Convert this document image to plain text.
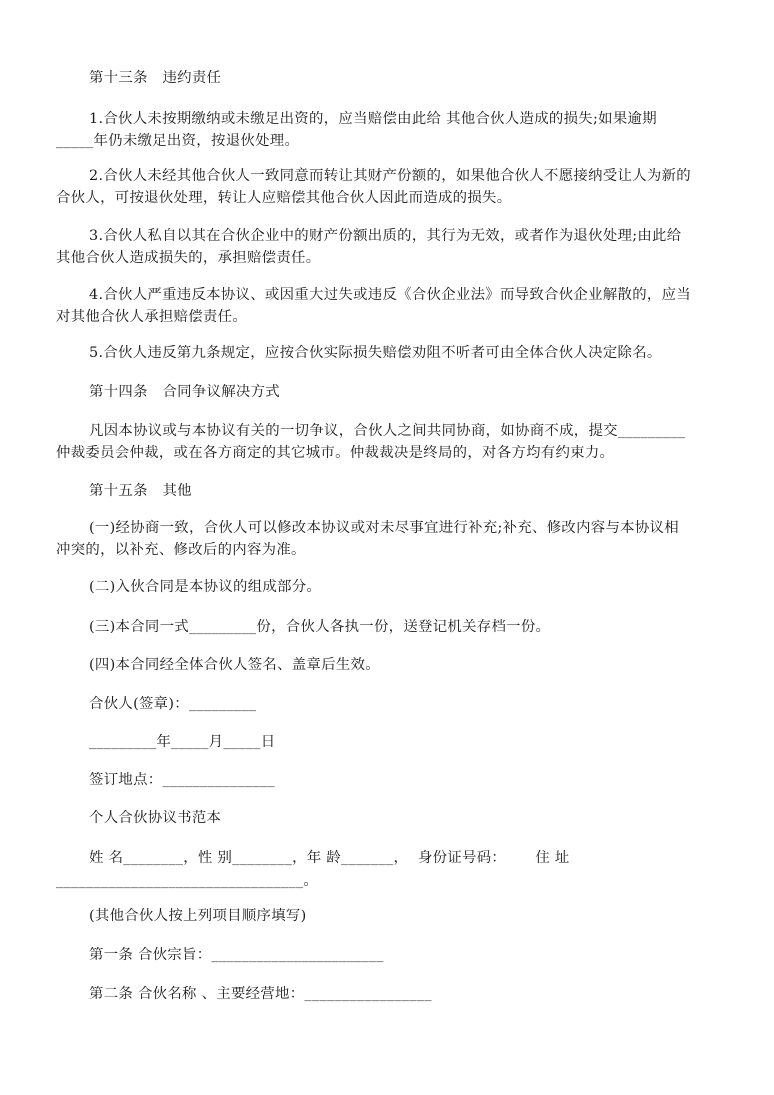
第十三条　违约责任
1.合伙人未按期缴纳或未缴足出资的，应当赔偿由此给 其他合伙人造成的损失;如果逾期
_____年仍未缴足出资，按退伙处理。
2.合伙人未经其他合伙人一致同意而转让其财产份额的，如果他合伙人不愿接纳受让人为新的
合伙人，可按退伙处理，转让人应赔偿其他合伙人因此而造成的损失。
3.合伙人私自以其在合伙企业中的财产份额出质的，其行为无效，或者作为退伙处理;由此给
其他合伙人造成损失的，承担赔偿责任。
4.合伙人严重违反本协议、或因重大过失或违反《合伙企业法》而导致合伙企业解散的，应当
对其他合伙人承担赔偿责任。
5.合伙人违反第九条规定，应按合伙实际损失赔偿劝阻不听者可由全体合伙人决定除名。
第十四条　合同争议解决方式
凡因本协议或与本协议有关的一切争议，合伙人之间共同协商，如协商不成，提交_________
仲裁委员会仲裁，或在各方商定的其它城市。仲裁裁决是终局的，对各方均有约束力。
第十五条　其他
(一)经协商一致，合伙人可以修改本协议或对未尽事宜进行补充;补充、修改内容与本协议相
冲突的，以补充、修改后的内容为准。
(二)入伙合同是本协议的组成部分。
(三)本合同一式_________份，合伙人各执一份，送登记机关存档一份。
(四)本合同经全体合伙人签名、盖章后生效。
合伙人(签章)：_________
_________年_____月_____日
签订地点：_______________
个人合伙协议书范本
姓 名________，性 别________，年 龄_______，  身份证号码：      住 址
_________________________________。
(其他合伙人按上列项目顺序填写)
第一条 合伙宗旨：_______________________
第二条 合伙名称 、主要经营地：_________________
